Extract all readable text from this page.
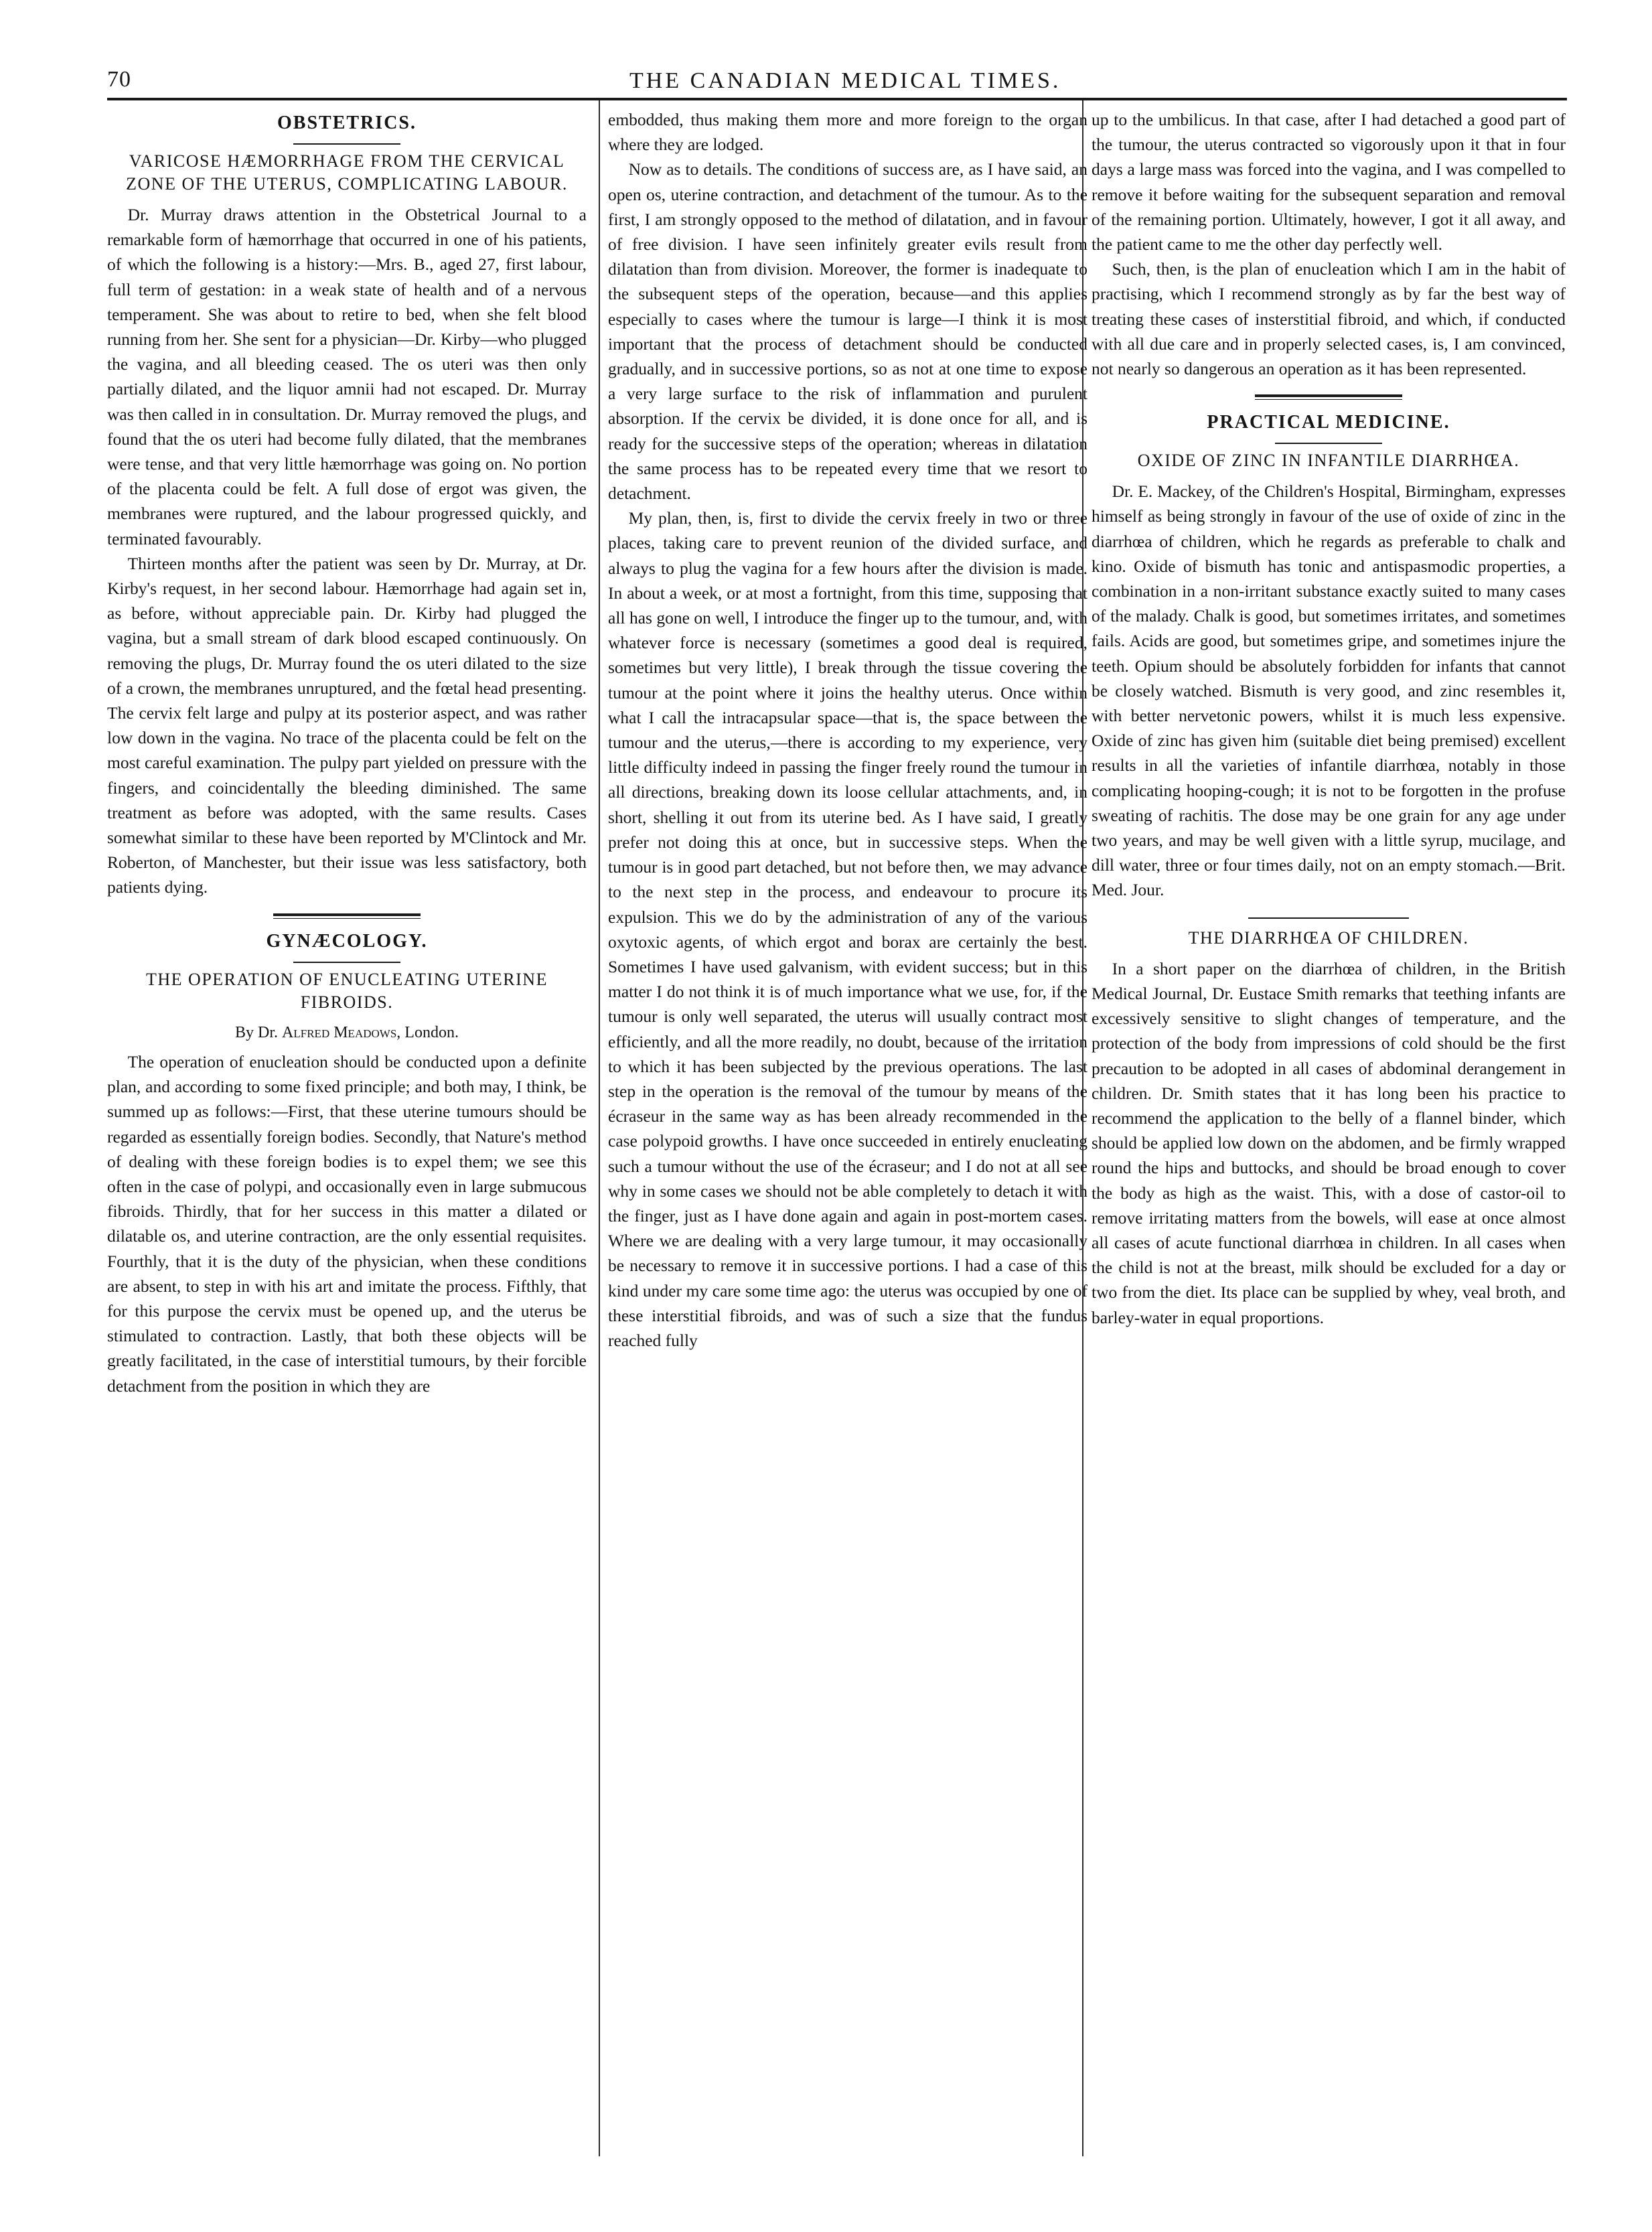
70	THE CANADIAN MEDICAL TIMES.
OBSTETRICS.
VARICOSE HÆMORRHAGE FROM THE CERVICAL ZONE OF THE UTERUS, COMPLICATING LABOUR.

Dr. Murray draws attention in the Obstetrical Journal to a remarkable form of hæmorrhage that occurred in one of his patients, of which the following is a history:—Mrs. B., aged 27, first labour, full term of gestation: in a weak state of health and of a nervous temperament. She was about to retire to bed, when she felt blood running from her. She sent for a physician—Dr. Kirby—who plugged the vagina, and all bleeding ceased. The os uteri was then only partially dilated, and the liquor amnii had not escaped. Dr. Murray was then called in in consultation. Dr. Murray removed the plugs, and found that the os uteri had become fully dilated, that the membranes were tense, and that very little hæmorrhage was going on. No portion of the placenta could be felt. A full dose of ergot was given, the membranes were ruptured, and the labour progressed quickly, and terminated favourably.

Thirteen months after the patient was seen by Dr. Murray, at Dr. Kirby's request, in her second labour. Hæmorrhage had again set in, as before, without appreciable pain. Dr. Kirby had plugged the vagina, but a small stream of dark blood escaped continuously. On removing the plugs, Dr. Murray found the os uteri dilated to the size of a crown, the membranes unruptured, and the fœtal head presenting. The cervix felt large and pulpy at its posterior aspect, and was rather low down in the vagina. No trace of the placenta could be felt on the most careful examination. The pulpy part yielded on pressure with the fingers, and coincidentally the bleeding diminished. The same treatment as before was adopted, with the same results. Cases somewhat similar to these have been reported by M'Clintock and Mr. Roberton, of Manchester, but their issue was less satisfactory, both patients dying.

GYNÆCOLOGY.
THE OPERATION OF ENUCLEATING UTERINE FIBROIDS.
By Dr. Alfred Meadows, London.

The operation of enucleation should be conducted upon a definite plan, and according to some fixed principle; and both may, I think, be summed up as follows:—First, that these uterine tumours should be regarded as essentially foreign bodies. Secondly, that Nature's method of dealing with these foreign bodies is to expel them; we see this often in the case of polypi, and occasionally even in large submucous fibroids. Thirdly, that for her success in this matter a dilated or dilatable os, and uterine contraction, are the only essential requisites. Fourthly, that it is the duty of the physician, when these conditions are absent, to step in with his art and imitate the process. Fifthly, that for this purpose the cervix must be opened up, and the uterus be stimulated to contraction. Lastly, that both these objects will be greatly facilitated, in the case of interstitial tumours, by their forcible detachment from the position in which they are

embodded, thus making them more and more foreign to the organ where they are lodged.

Now as to details. The conditions of success are, as I have said, an open os, uterine contraction, and detachment of the tumour. As to the first, I am strongly opposed to the method of dilatation, and in favour of free division. I have seen infinitely greater evils result from dilatation than from division. Moreover, the former is inadequate to the subsequent steps of the operation, because—and this applies especially to cases where the tumour is large—I think it is most important that the process of detachment should be conducted gradually, and in successive portions, so as not at one time to expose a very large surface to the risk of inflammation and purulent absorption. If the cervix be divided, it is done once for all, and is ready for the successive steps of the operation; whereas in dilatation the same process has to be repeated every time that we resort to detachment.

My plan, then, is, first to divide the cervix freely in two or three places, taking care to prevent reunion of the divided surface, and always to plug the vagina for a few hours after the division is made. In about a week, or at most a fortnight, from this time, supposing that all has gone on well, I introduce the finger up to the tumour, and, with whatever force is necessary (sometimes a good deal is required, sometimes but very little), I break through the tissue covering the tumour at the point where it joins the healthy uterus. Once within what I call the intracapsular space—that is, the space between the tumour and the uterus,—there is according to my experience, very little difficulty indeed in passing the finger freely round the tumour in all directions, breaking down its loose cellular attachments, and, in short, shelling it out from its uterine bed. As I have said, I greatly prefer not doing this at once, but in successive steps. When the tumour is in good part detached, but not before then, we may advance to the next step in the process, and endeavour to procure its expulsion. This we do by the administration of any of the various oxytoxic agents, of which ergot and borax are certainly the best. Sometimes I have used galvanism, with evident success; but in this matter I do not think it is of much importance what we use, for, if the tumour is only well separated, the uterus will usually contract most efficiently, and all the more readily, no doubt, because of the irritation to which it has been subjected by the previous operations. The last step in the operation is the removal of the tumour by means of the écraseur in the same way as has been already recommended in the case polypoid growths. I have once succeeded in entirely enucleating such a tumour without the use of the écraseur; and I do not at all see why in some cases we should not be able completely to detach it with the finger, just as I have done again and again in post-mortem cases. Where we are dealing with a very large tumour, it may occasionally be necessary to remove it in successive portions. I had a case of this kind under my care some time ago: the uterus was occupied by one of these interstitial fibroids, and was of such a size that the fundus reached fully

up to the umbilicus. In that case, after I had detached a good part of the tumour, the uterus contracted so vigorously upon it that in four days a large mass was forced into the vagina, and I was compelled to remove it before waiting for the subsequent separation and removal of the remaining portion. Ultimately, however, I got it all away, and the patient came to me the other day perfectly well.

Such, then, is the plan of enucleation which I am in the habit of practising, which I recommend strongly as by far the best way of treating these cases of insterstitial fibroid, and which, if conducted with all due care and in properly selected cases, is, I am convinced, not nearly so dangerous an operation as it has been represented.

PRACTICAL MEDICINE.
OXIDE OF ZINC IN INFANTILE DIARRHŒA.

Dr. E. Mackey, of the Children's Hospital, Birmingham, expresses himself as being strongly in favour of the use of oxide of zinc in the diarrhœa of children, which he regards as preferable to chalk and kino. Oxide of bismuth has tonic and antispasmodic properties, a combination in a non-irritant substance exactly suited to many cases of the malady. Chalk is good, but sometimes irritates, and sometimes fails. Acids are good, but sometimes gripe, and sometimes injure the teeth. Opium should be absolutely forbidden for infants that cannot be closely watched. Bismuth is very good, and zinc resembles it, with better nervetonic powers, whilst it is much less expensive. Oxide of zinc has given him (suitable diet being premised) excellent results in all the varieties of infantile diarrhœa, notably in those complicating hooping-cough; it is not to be forgotten in the profuse sweating of rachitis. The dose may be one grain for any age under two years, and may be well given with a little syrup, mucilage, and dill water, three or four times daily, not on an empty stomach.—Brit. Med. Jour.

THE DIARRHŒA OF CHILDREN.

In a short paper on the diarrhœa of children, in the British Medical Journal, Dr. Eustace Smith remarks that teething infants are excessively sensitive to slight changes of temperature, and the protection of the body from impressions of cold should be the first precaution to be adopted in all cases of abdominal derangement in children. Dr. Smith states that it has long been his practice to recommend the application to the belly of a flannel binder, which should be applied low down on the abdomen, and be firmly wrapped round the hips and buttocks, and should be broad enough to cover the body as high as the waist. This, with a dose of castor-oil to remove irritating matters from the bowels, will ease at once almost all cases of acute functional diarrhœa in children. In all cases when the child is not at the breast, milk should be excluded for a day or two from the diet. Its place can be supplied by whey, veal broth, and barley-water in equal proportions.
